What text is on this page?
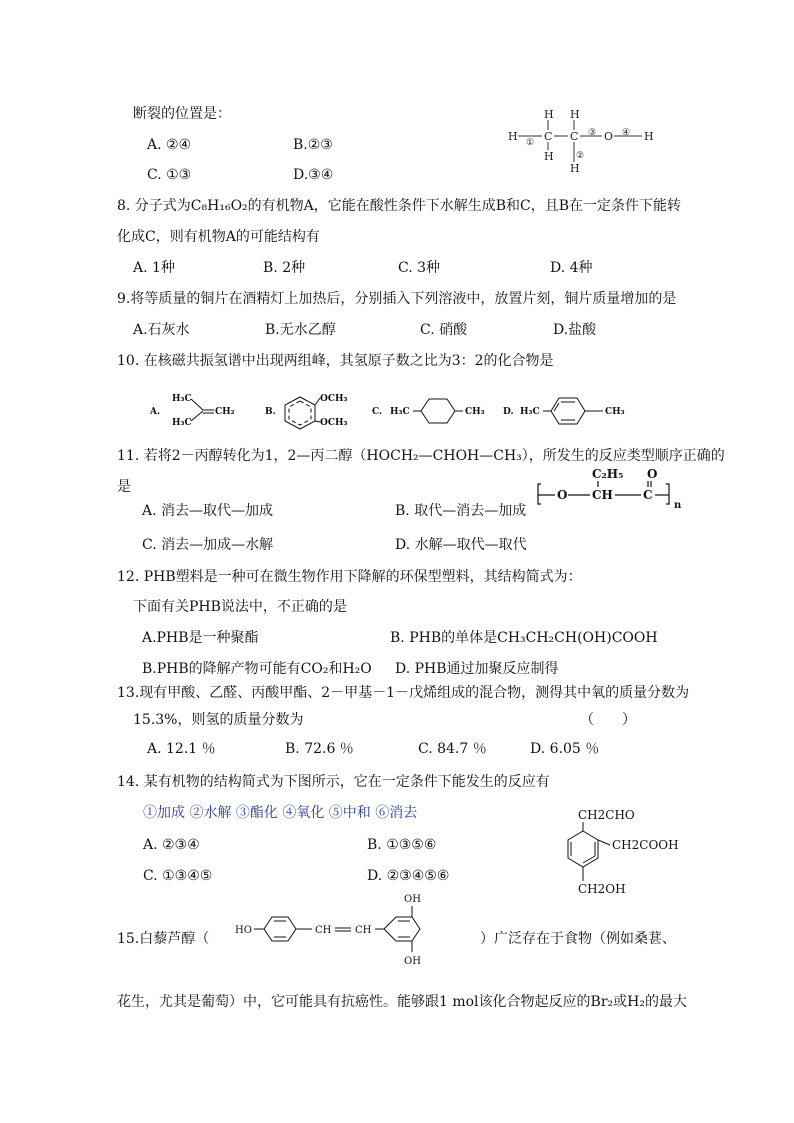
断裂的位置是：
A. ②④	B.②③
C. ①③	D.③④
H
H
C
H
H
C
H
O	H
①
②
③	④
8. 分子式为C₈H₁₆O₂的有机物A，它能在酸性条件下水解生成B和C，且B在一定条件下能转
化成C，则有机物A的可能结构有
A. 1种	B. 2种	C. 3种	D. 4种
9.将等质量的铜片在酒精灯上加热后，分别插入下列溶液中，放置片刻，铜片质量增加的是
A.石灰水	B.无水乙醇	C. 硝酸	D.盐酸
10. 在核磁共振氢谱中出现两组峰，其氢原子数之比为3：2的化合物是
A.
H₃C
H₃C
CH₂	B.
OCH₃
OCH₃
C. H₃C	CH₃ D. H₃C	CH₃
11. 若将2－丙醇转化为1，2—丙二醇（HOCH₂—CHOH—CH₃），所发生的反应类型顺序正确的
是
A. 消去—取代—加成	B. 取代—消去—加成
C. 消去—加成—水解	D. 水解—取代—取代
C₂H₅ O
O CH	C
n
12. PHB塑料是一种可在微生物作用下降解的环保型塑料，其结构简式为：
下面有关PHB说法中，不正确的是
A.PHB是一种聚酯	B. PHB的单体是CH₃CH₂CH(OH)COOH
B.PHB的降解产物可能有CO₂和H₂O D. PHB通过加聚反应制得
13.现有甲酸、乙醛、丙酸甲酯、2－甲基－1－戊烯组成的混合物，测得其中氧的质量分数为
15.3%，则氢的质量分数为	（　　）
A. 12.1 ％	B. 72.6 ％	C. 84.7 ％	D. 6.05 ％
14. 某有机物的结构简式为下图所示，它在一定条件下能发生的反应有
①加成 ②水解 ③酯化 ④氧化 ⑤中和 ⑥消去
A. ②③④	B. ①③⑤⑥
C. ①③④⑤	D. ②③④⑤⑥
CH2CHO
CH2COOH
CH2OH
15.白藜芦醇（	）广泛存在于食物（例如桑葚、
HO	CH CH
OH
OH
花生，尤其是葡萄）中，它可能具有抗癌性。能够跟1 mol该化合物起反应的Br₂或H₂的最大
